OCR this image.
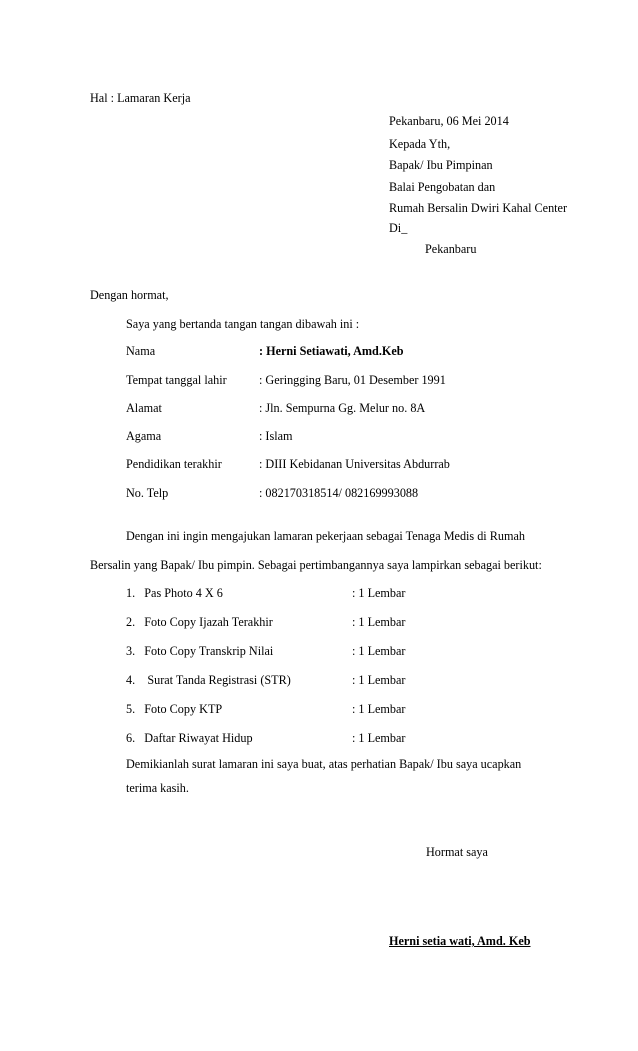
Hal : Lamaran Kerja
Pekanbaru, 06 Mei 2014
Kepada Yth,
Bapak/ Ibu Pimpinan
Balai Pengobatan dan
Rumah Bersalin Dwiri Kahal Center
Di_
Pekanbaru
Dengan hormat,
Saya yang bertanda tangan tangan dibawah ini :
Nama	: Herni Setiawati, Amd.Keb
Tempat tanggal lahir	: Geringging Baru, 01 Desember 1991
Alamat	: Jln. Sempurna Gg. Melur no. 8A
Agama	: Islam
Pendidikan terakhir	: DIII Kebidanan Universitas Abdurrab
No. Telp	: 082170318514/ 082169993088
Dengan ini ingin mengajukan lamaran pekerjaan sebagai Tenaga Medis di Rumah
Bersalin yang Bapak/ Ibu pimpin. Sebagai pertimbangannya saya lampirkan sebagai berikut:
1.   Pas Photo 4 X 6	: 1 Lembar
2.   Foto Copy Ijazah Terakhir	: 1 Lembar
3.   Foto Copy Transkrip Nilai	: 1 Lembar
4.    Surat Tanda Registrasi (STR)	: 1 Lembar
5.   Foto Copy KTP	: 1 Lembar
6.   Daftar Riwayat Hidup	: 1 Lembar
Demikianlah surat lamaran ini saya buat, atas perhatian Bapak/ Ibu saya ucapkan
terima kasih.
Hormat saya
Herni setia wati, Amd. Keb
